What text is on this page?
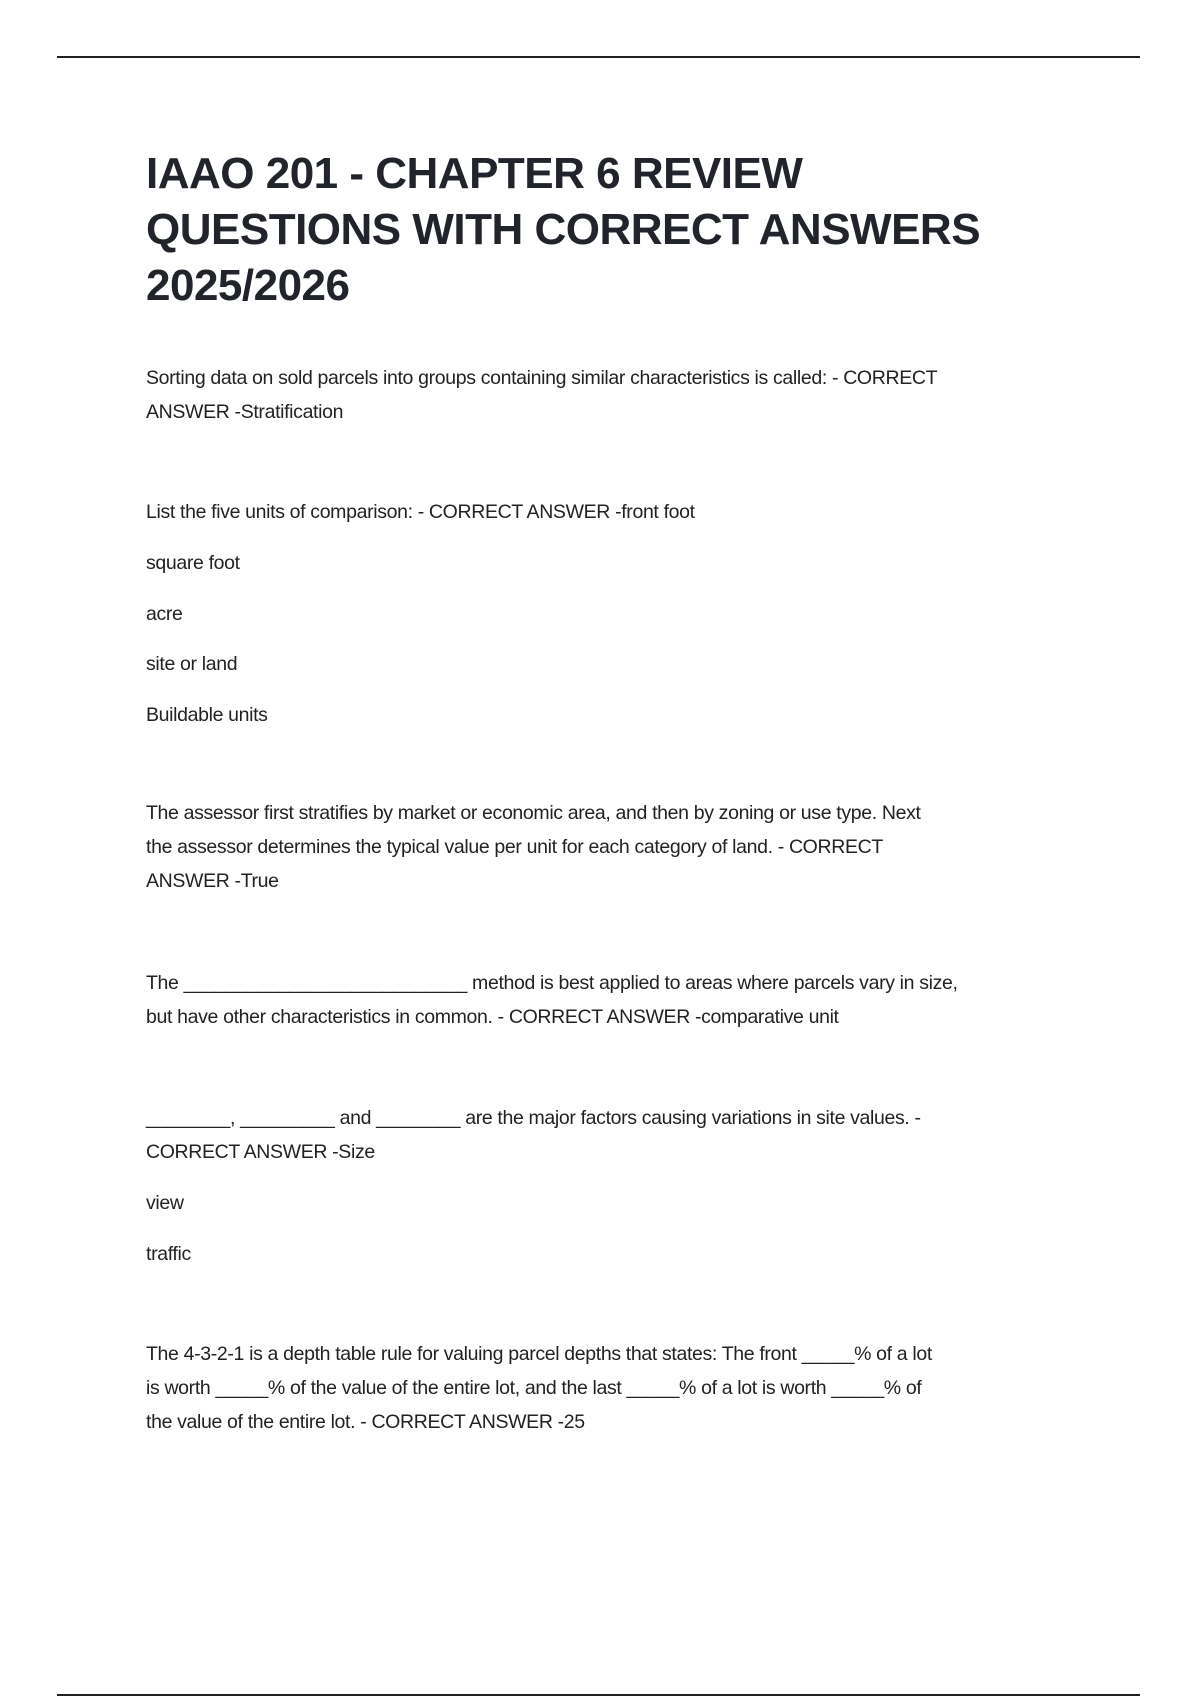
IAAO 201 - CHAPTER 6 REVIEW
QUESTIONS WITH CORRECT ANSWERS
2025/2026
Sorting data on sold parcels into groups containing similar characteristics is called: - CORRECT
ANSWER -Stratification
List the five units of comparison: - CORRECT ANSWER -front foot
square foot
acre
site or land
Buildable units
The assessor first stratifies by market or economic area, and then by zoning or use type. Next
the assessor determines the typical value per unit for each category of land. - CORRECT
ANSWER -True
The ___________________________ method is best applied to areas where parcels vary in size,
but have other characteristics in common. - CORRECT ANSWER -comparative unit
________, _________ and ________ are the major factors causing variations in site values. -
CORRECT ANSWER -Size
view
traffic
The 4-3-2-1 is a depth table rule for valuing parcel depths that states: The front _____% of a lot
is worth _____% of the value of the entire lot, and the last _____% of a lot is worth _____% of
the value of the entire lot. - CORRECT ANSWER -25
